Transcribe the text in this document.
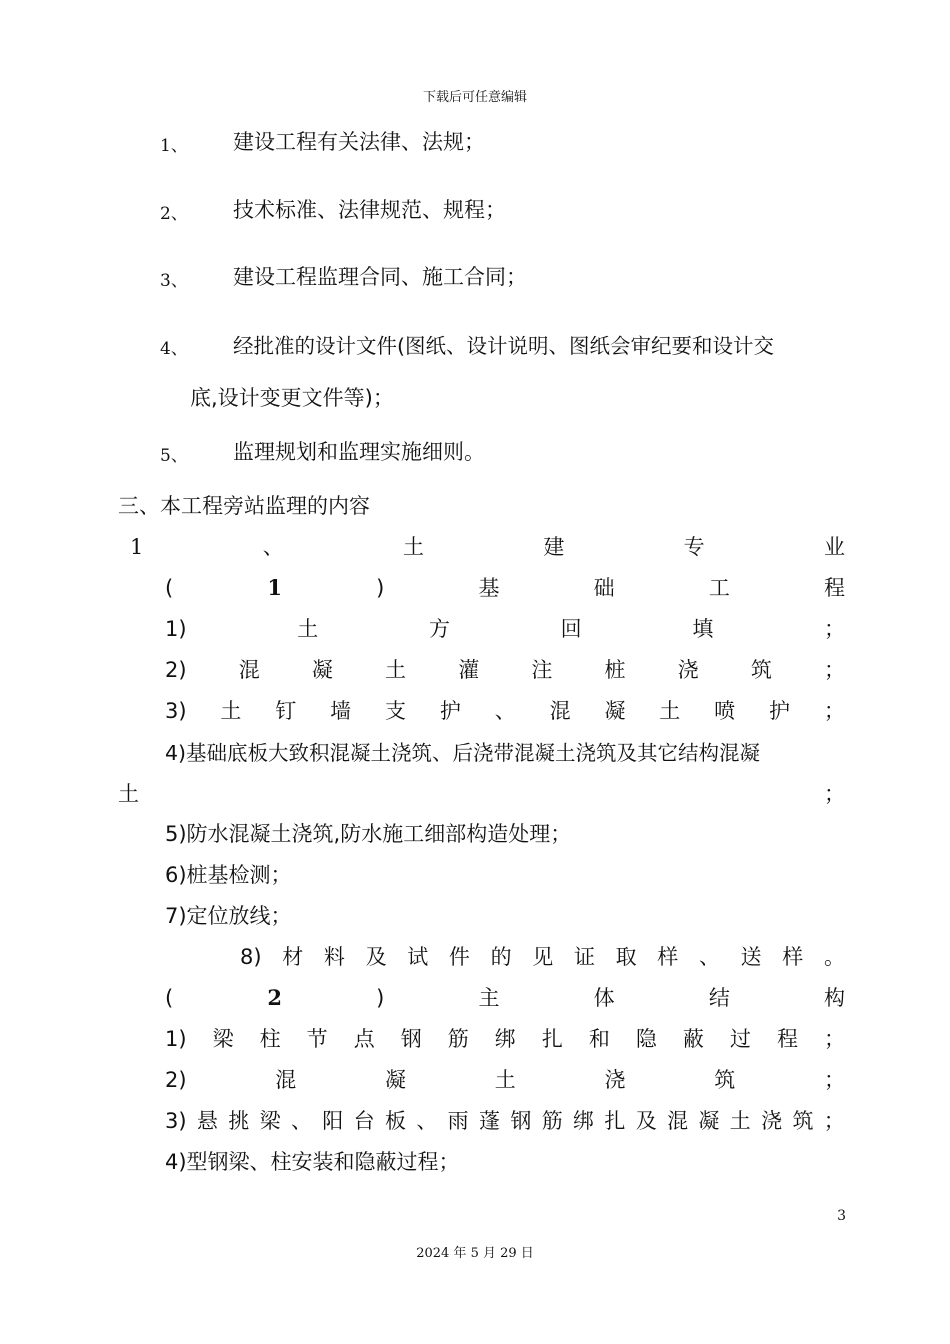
下载后可任意编辑
1、 建设工程有关法律、法规；
2、 技术标准、法律规范、规程；
3、 建设工程监理合同、施工合同；
4、 经批准的设计文件(图纸、设计说明、图纸会审纪要和设计交
底,设计变更文件等)；
5、 监理规划和监理实施细则。
三、本工程旁站监理的内容
1	、	土	建	专	业
(	1	)	基	础	工	程
1)	土	方	回	填	；
2) 混 凝 土 灌 注 桩 浇 筑 ；
3) 土 钉 墙 支 护 、 混 凝 土 喷 护 ；
4)基础底板大致积混凝土浇筑、后浇带混凝土浇筑及其它结构混凝
土	；
5)防水混凝土浇筑,防水施工细部构造处理；
6)桩基检测；
7)定位放线；
8) 材 料 及 试 件 的 见 证 取 样 、 送 样 。
(	2	)	主	体	结	构
1) 梁 柱 节 点 钢 筋 绑 扎 和 隐 蔽 过 程 ；
2)	混	凝	土	浇	筑	；
3) 悬 挑 梁 、 阳 台 板 、 雨 蓬 钢 筋 绑 扎 及 混 凝 土 浇 筑 ；
4)型钢梁、柱安装和隐蔽过程；
3
2024 年 5 月 29 日
